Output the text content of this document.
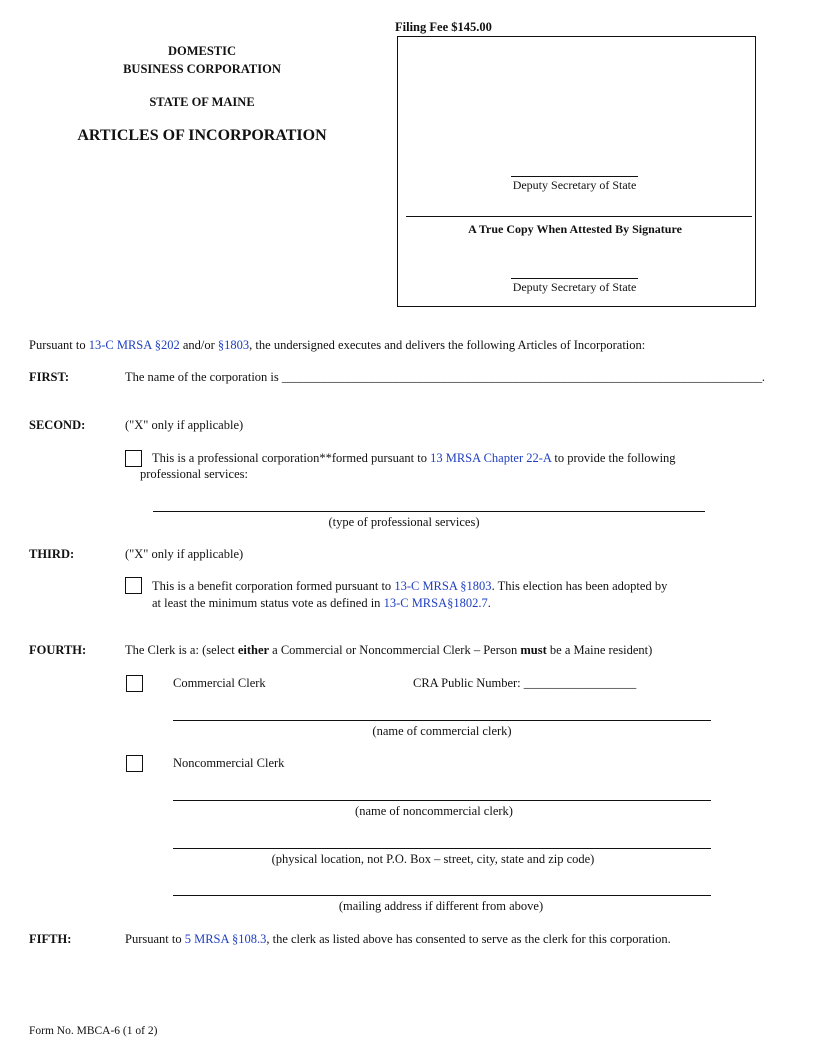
Filing Fee $145.00
DOMESTIC
BUSINESS CORPORATION
STATE OF MAINE
ARTICLES OF INCORPORATION
Deputy Secretary of State
A True Copy When Attested By Signature
Deputy Secretary of State
Pursuant to 13-C MRSA §202 and/or §1803, the undersigned executes and delivers the following Articles of Incorporation:
FIRST:	The name of the corporation is ________________________________________________________________________________.
SECOND:	("X" only if applicable)
This is a professional corporation**formed pursuant to 13 MRSA Chapter 22-A to provide the following
professional services:
(type of professional services)
THIRD:	("X" only if applicable)
This is a benefit corporation formed pursuant to 13-C MRSA §1803. This election has been adopted by
at least the minimum status vote as defined in 13-C MRSA§1802.7.
FOURTH:	The Clerk is a: (select either a Commercial or Noncommercial Clerk – Person must be a Maine resident)
Commercial Clerk	CRA Public Number: __________________
(name of commercial clerk)
Noncommercial Clerk
(name of noncommercial clerk)
(physical location, not P.O. Box – street, city, state and zip code)
(mailing address if different from above)
FIFTH:	Pursuant to 5 MRSA §108.3, the clerk as listed above has consented to serve as the clerk for this corporation.
Form No. MBCA-6 (1 of 2)
